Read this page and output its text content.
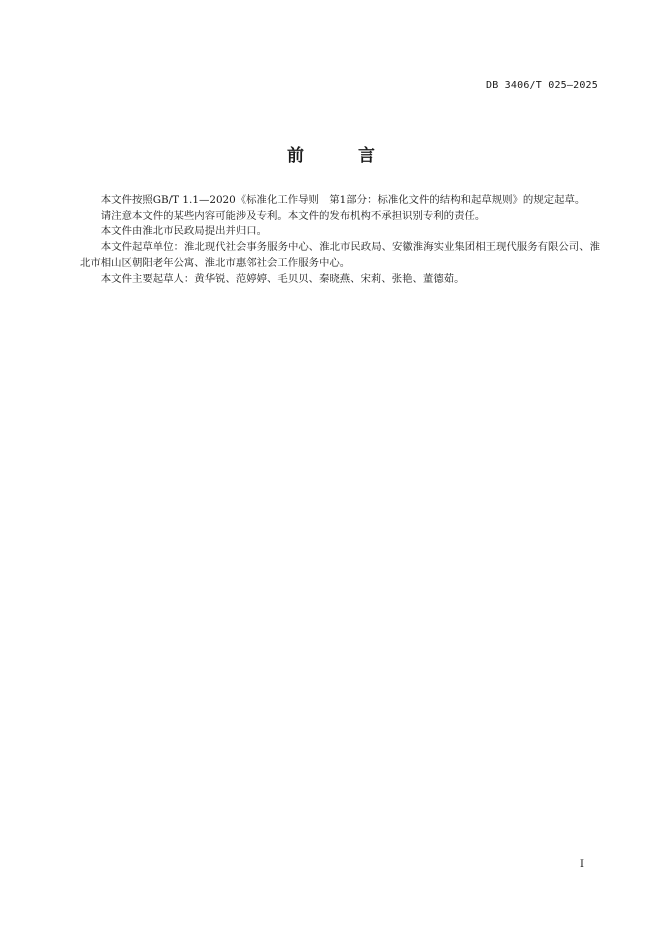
DB 3406/T 025—2025
前 言

本文件按照GB/T 1.1—2020《标准化工作导则　第1部分：标准化文件的结构和起草规则》的规定起草。

请注意本文件的某些内容可能涉及专利。本文件的发布机构不承担识别专利的责任。

本文件由淮北市民政局提出并归口。

本文件起草单位：淮北现代社会事务服务中心、淮北市民政局、安徽淮海实业集团相王现代服务有限公司、淮北市相山区朝阳老年公寓、淮北市惠邻社会工作服务中心。

本文件主要起草人：黄华锐、范婷婷、毛贝贝、秦晓燕、宋莉、张艳、董德茹。

I
